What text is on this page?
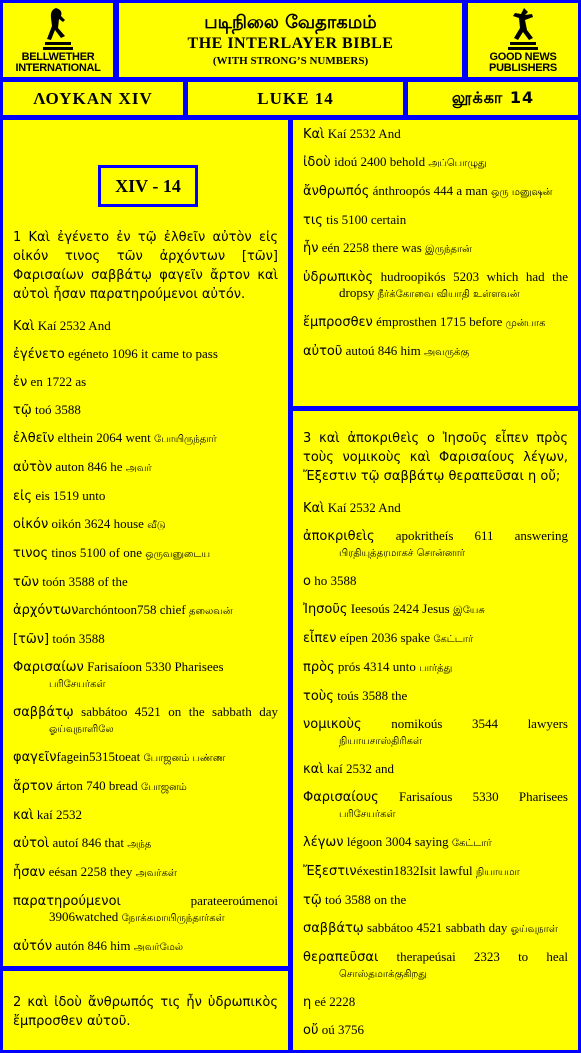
BELLWETHER
INTERNATIONAL
படிநிலை வேதாகமம்
THE INTERLAYER BIBLE
(WITH STRONG’S NUMBERS)	GOOD NEWS
PUBLISHERS
ΛΟΥΚΑΝ XIV	LUKE 14	லூக்கா 14
XIV - 14
1 Καὶ ἐγένετο ἐν τῷ ἐλθεῖν αὐτὸν εἰς οἰκόν τινος τῶν ἀρχόντων [τῶν] Φαρισαίων σαββάτῳ φαγεῖν ἄρτον καὶ αὐτοὶ ἦσαν παρατηρούμενοι αὐτόν.
Καὶ Kaí 2532 And
ἐγένετο egéneto 1096 it came to pass
ἐν en 1722 as
τῷ toó 3588
ἐλθεῖν elthein 2064 went போயிருந்தார்
αὐτὸν auton 846 he அவர்
εἰς eis 1519 unto
οἰκόν oikón 3624 house வீடு
τινος tinos 5100 of one ஒருவனுடைய
τῶν toón 3588 of the
ἀρχόντωνarchóntoon758 chief தலைவன்
[τῶν] toón 3588
Φαρισαίων Farisaíoon 5330 Pharisees பரிசேயர்கள்
σαββάτῳ sabbátoo 4521 on the sabbath day ஓய்வுநாளிலே
φαγεῖνfagein5315toeat போஜனம் பண்ண
ἄρτον árton 740 bread போஜனம்
καὶ kaí 2532
αὐτοὶ autoí 846 that அந்த
ἦσαν eésan 2258 they அவர்கள்
παρατηρούμενοι parateeroúmenoi 3906watched நோக்கமாயிருந்தார்கள்
αὐτόν autón 846 him அவர்மேல்
2 καὶ ἰδοὺ ἄνθρωπός τις ἦν ὑδρωπικὸς ἔμπροσθεν αὐτοῦ.
Καὶ Kaí 2532 And
ἰδοὺ idoú 2400 behold அப்பொழுது
ἄνθρωπός ánthroopós 444 a man ஒரு மனுஷன்
τις tis 5100 certain
ἦν eén 2258 there was இருந்தான்
ὑδρωπικὸς hudroopikós 5203 which had the dropsy நீர்க்கோவை வியாதி உள்ளவன்
ἔμπροσθεν émprosthen 1715 before முன்பாக
αὐτοῦ autoú 846 him அவருக்கு
3 καὶ ἀποκριθεὶς ο Ἰησοῦς εἶπεν πρὸς τοὺς νομικοὺς καὶ Φαρισαίους λέγων, Ἔξεστιν τῷ σαββάτῳ θεραπεῦσαι η οὔ;
Καὶ Kaí 2532 And
ἀποκριθεὶς apokritheís 611 answering பிரதியுத்தரமாகச் சொன்னார்
ο ho 3588
Ἰησοῦς Ieesoús 2424 Jesus இயேசு
εἶπεν eípen 2036 spake கேட்டார்
πρὸς prós 4314 unto பார்த்து
τοὺς toús 3588 the
νομικοὺς nomikoús 3544 lawyers நியாயசாஸ்திரிகள்
καὶ kaí 2532 and
Φαρισαίους Farisaíous 5330 Pharisees பரிசேயர்கள்
λέγων légoon 3004 saying கேட்டார்
Ἔξεστινéxestin1832Isit lawful நியாயமா
τῷ toó 3588 on the
σαββάτῳ sabbátoo 4521 sabbath day ஓய்வுநாள்
θεραπεῦσαι therapeúsai 2323 to heal சொஸ்தமாக்குகிறது
η eé 2228
οὔ oú 3756
